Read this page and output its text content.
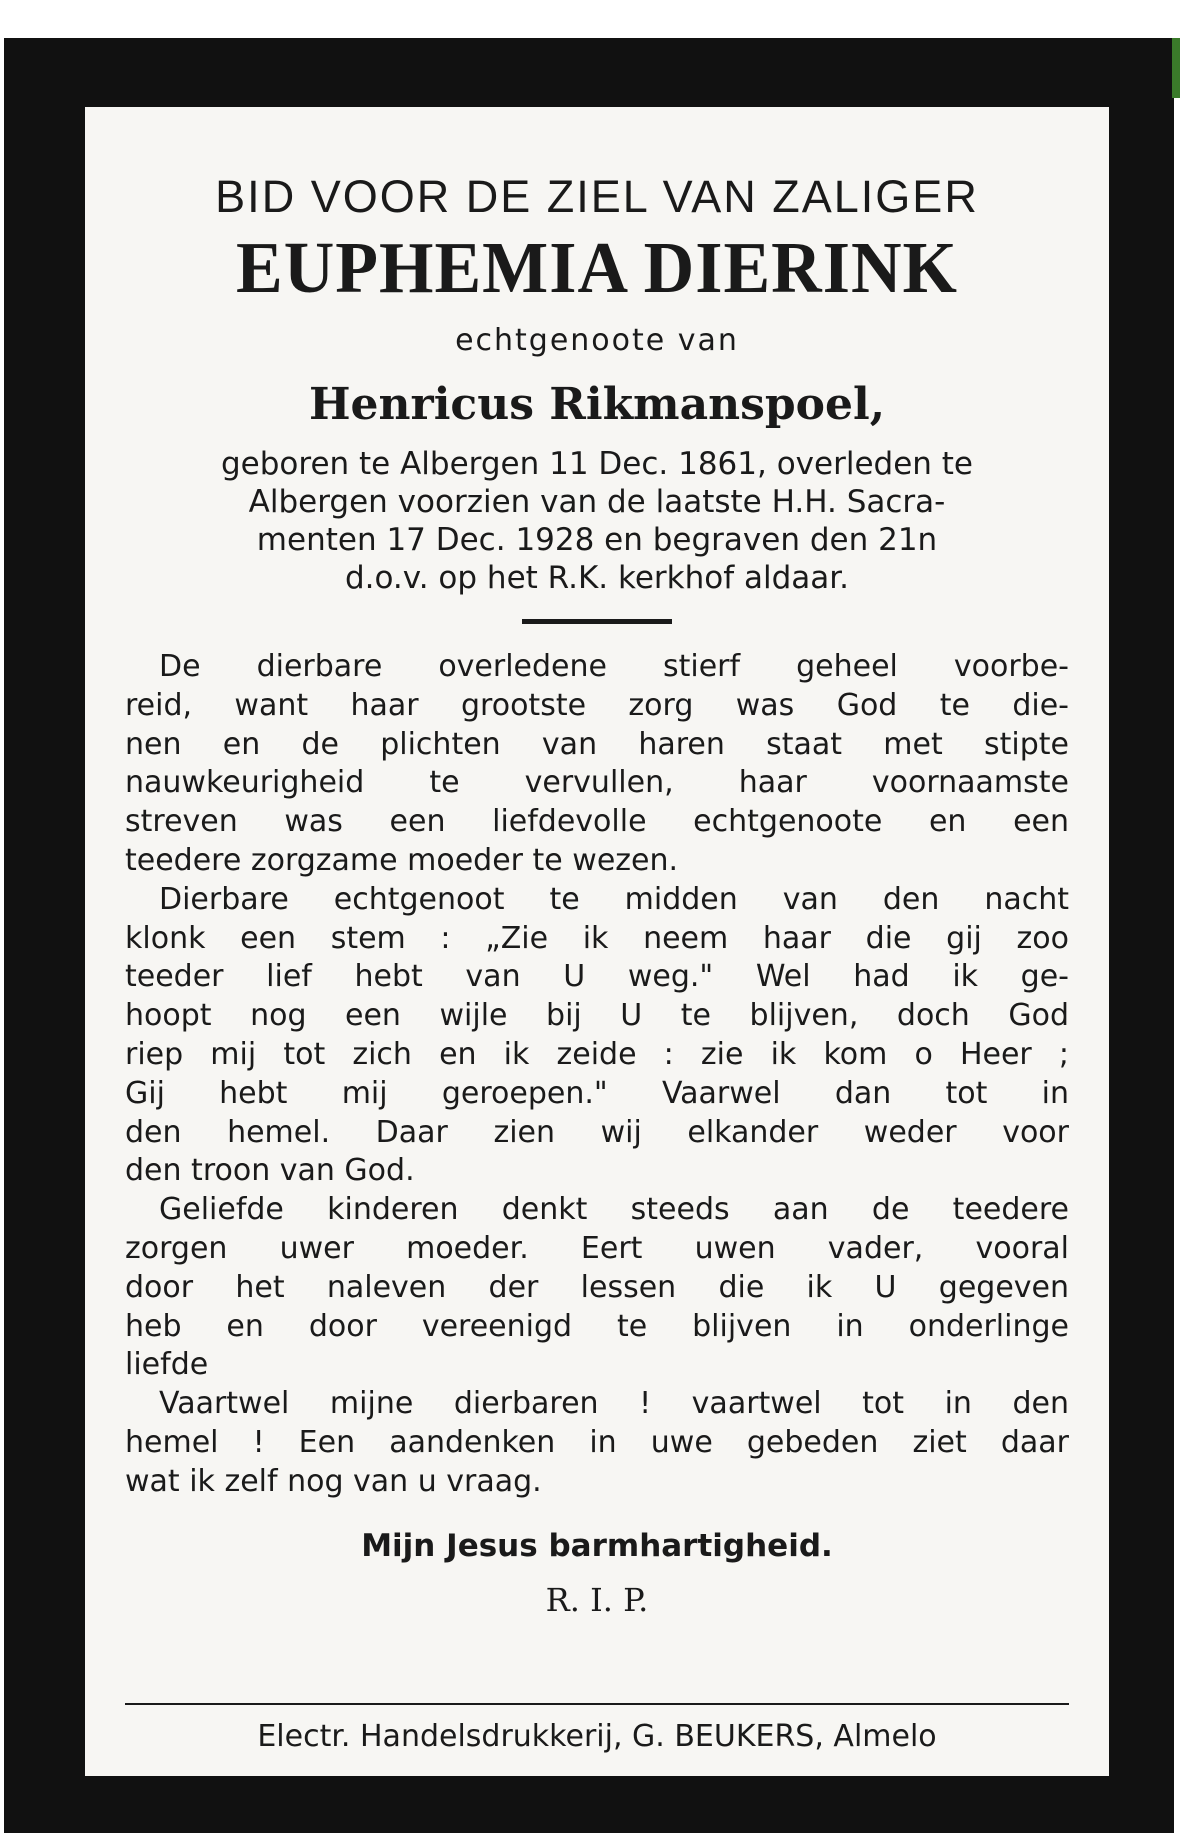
BID VOOR DE ZIEL VAN ZALIGER
EUPHEMIA DIERINK

echtgenoote van

Henricus Rikmanspoel,

geboren te Albergen 11 Dec. 1861, overleden te
Albergen voorzien van de laatste H.H. Sacra-
menten 17 Dec. 1928 en begraven den 21n
d.o.v. op het R.K. kerkhof aldaar.

De dierbare overledene stierf geheel voorbe-
reid, want haar grootste zorg was God te die-
nen en de plichten van haren staat met stipte
nauwkeurigheid te vervullen, haar voornaamste
streven was een liefdevolle echtgenoote en een
teedere zorgzame moeder te wezen.

Dierbare echtgenoot te midden van den nacht
klonk een stem : „Zie ik neem haar die gij zoo
teeder lief hebt van U weg." Wel had ik ge-
hoopt nog een wijle bij U te blijven, doch God
riep mij tot zich en ik zeide : zie ik kom o Heer ;
Gij hebt mij geroepen." Vaarwel dan tot in
den hemel. Daar zien wij elkander weder voor
den troon van God.

Geliefde kinderen denkt steeds aan de teedere
zorgen uwer moeder. Eert uwen vader, vooral
door het naleven der lessen die ik U gegeven
heb en door vereenigd te blijven in onderlinge
liefde

Vaartwel mijne dierbaren ! vaartwel tot in den
hemel ! Een aandenken in uwe gebeden ziet daar
wat ik zelf nog van u vraag.

Mijn Jesus barmhartigheid.

R. I. P.

Electr. Handelsdrukkerij, G. BEUKERS, Almelo
